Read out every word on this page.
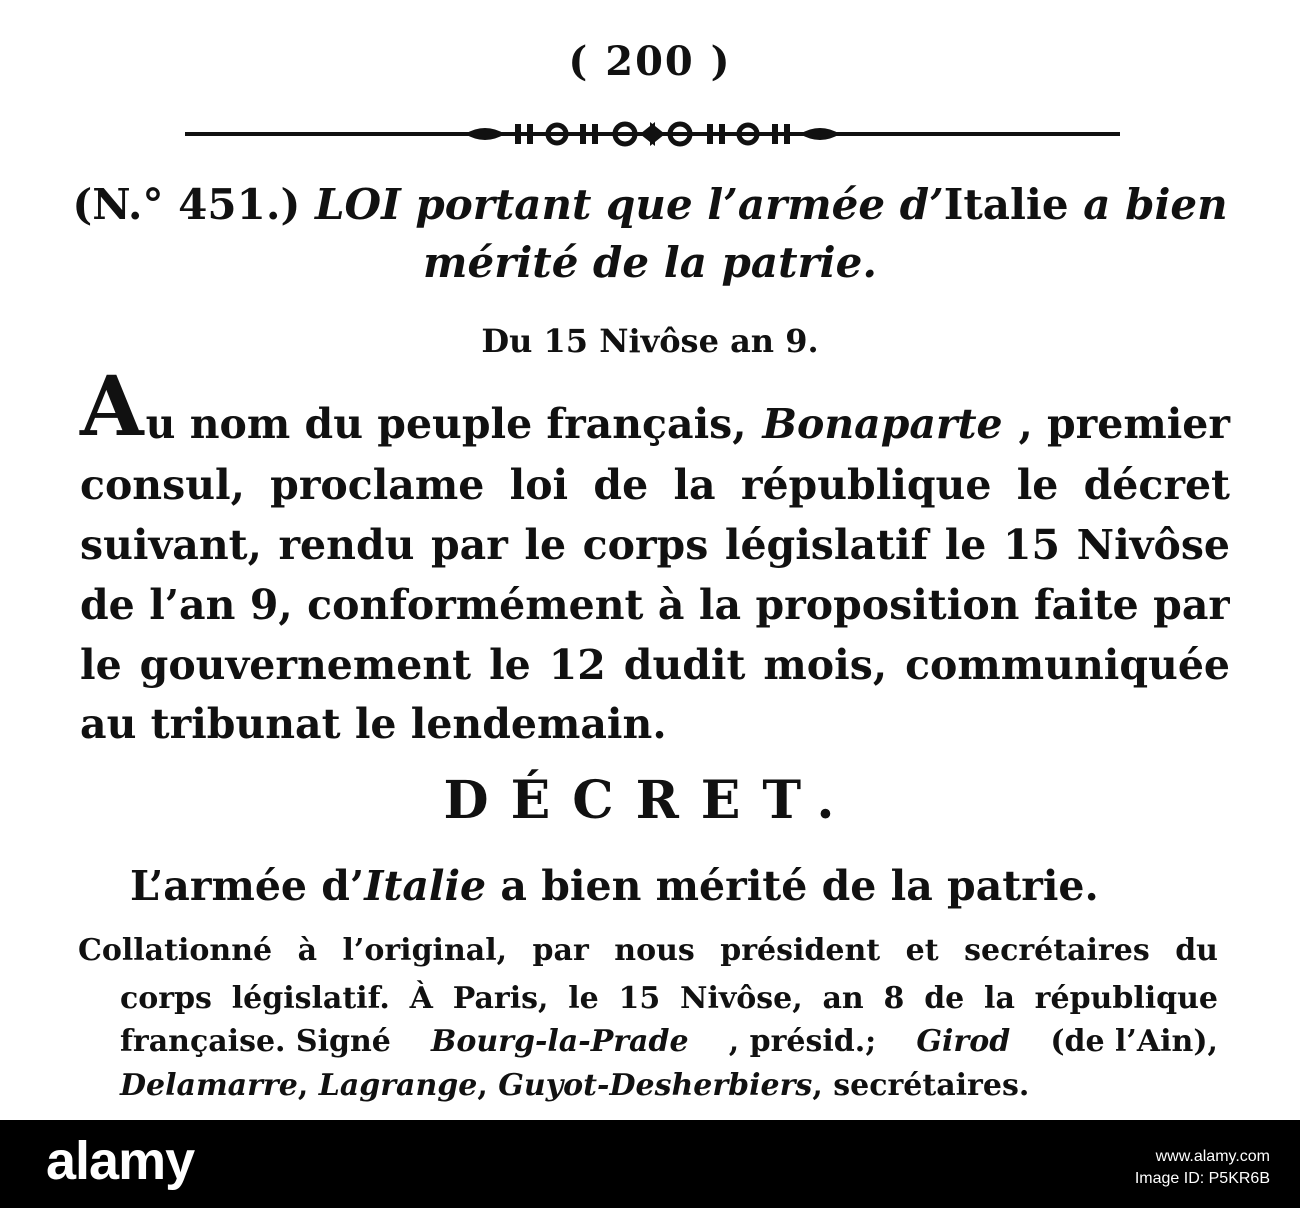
( 200 )
(N.° 451.) LOI portant que l’armée d’Italie a bien
mérité de la patrie.
Du 15 Nivôse an 9.
A u nom du peuple français, Bonaparte , premier
consul, proclame loi de la république le décret
suivant, rendu par le corps législatif le 15 Nivôse
de l’an 9, conformément à la proposition faite par
le gouvernement le 12 dudit mois, communiquée
au tribunat le lendemain.
DÉCRET.
L’armée d’Italie a bien mérité de la patrie.
Collationné à l’original, par nous président et secrétaires du
corps législatif. À Paris, le 15 Nivôse, an 8 de la république
française. Signé Bourg-la-Prade , présid.; Girod (de l’Ain),
Delamarre, Lagrange, Guyot-Desherbiers, secrétaires.
alamy	www.alamy.com
Image ID: P5KR6B
